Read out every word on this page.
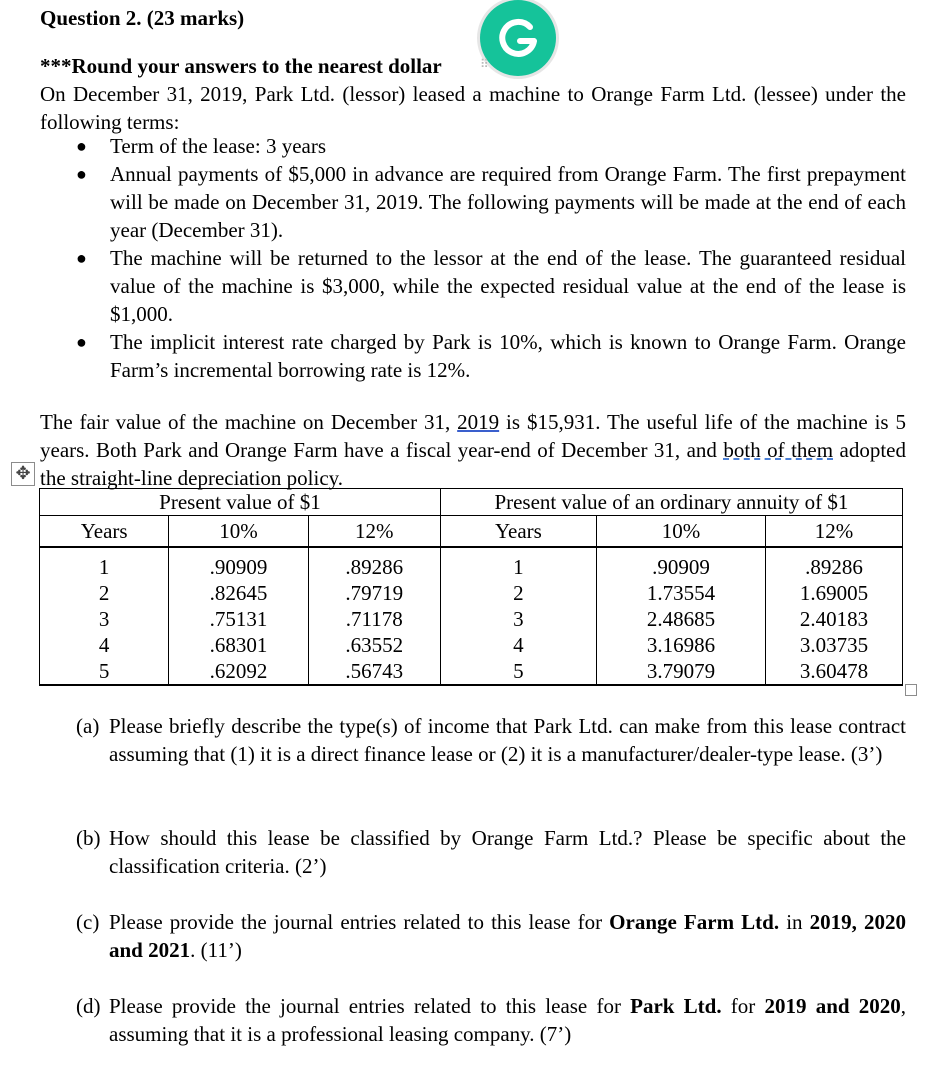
Question 2. (23 marks)
***Round your answers to the nearest dollar	⠿
On December 31, 2019, Park Ltd. (lessor) leased a machine to Orange Farm Ltd. (lessee) under the following terms:
● Term of the lease: 3 years
● Annual payments of $5,000 in advance are required from Orange Farm. The first prepayment will be made on December 31, 2019. The following payments will be made at the end of each year (December 31).
● The machine will be returned to the lessor at the end of the lease. The guaranteed residual value of the machine is $3,000, while the expected residual value at the end of the lease is $1,000.
● The implicit interest rate charged by Park is 10%, which is known to Orange Farm. Orange Farm’s incremental borrowing rate is 12%.
The fair value of the machine on December 31, 2019 is $15,931. The useful life of the machine is 5 years. Both Park and Orange Farm have a fiscal year-end of December 31, and both of them adopted the straight-line depreciation policy.
✥
Present value of $1			Present value of an ordinary annuity of $1		
Years	10%	12%	Years	10%	12%
1	.90909	.89286	1	.90909	.89286
2	.82645	.79719	2	1.73554	1.69005
3	.75131	.71178	3	2.48685	2.40183
4	.68301	.63552	4	3.16986	3.03735
5	.62092	.56743	5	3.79079	3.60478
(a) Please briefly describe the type(s) of income that Park Ltd. can make from this lease contract assuming that (1) it is a direct finance lease or (2) it is a manufacturer/dealer-type lease. (3’)
(b) How should this lease be classified by Orange Farm Ltd.? Please be specific about the classification criteria. (2’)
(c) Please provide the journal entries related to this lease for Orange Farm Ltd. in 2019, 2020 and 2021. (11’)
(d) Please provide the journal entries related to this lease for Park Ltd. for 2019 and 2020, assuming that it is a professional leasing company. (7’)
